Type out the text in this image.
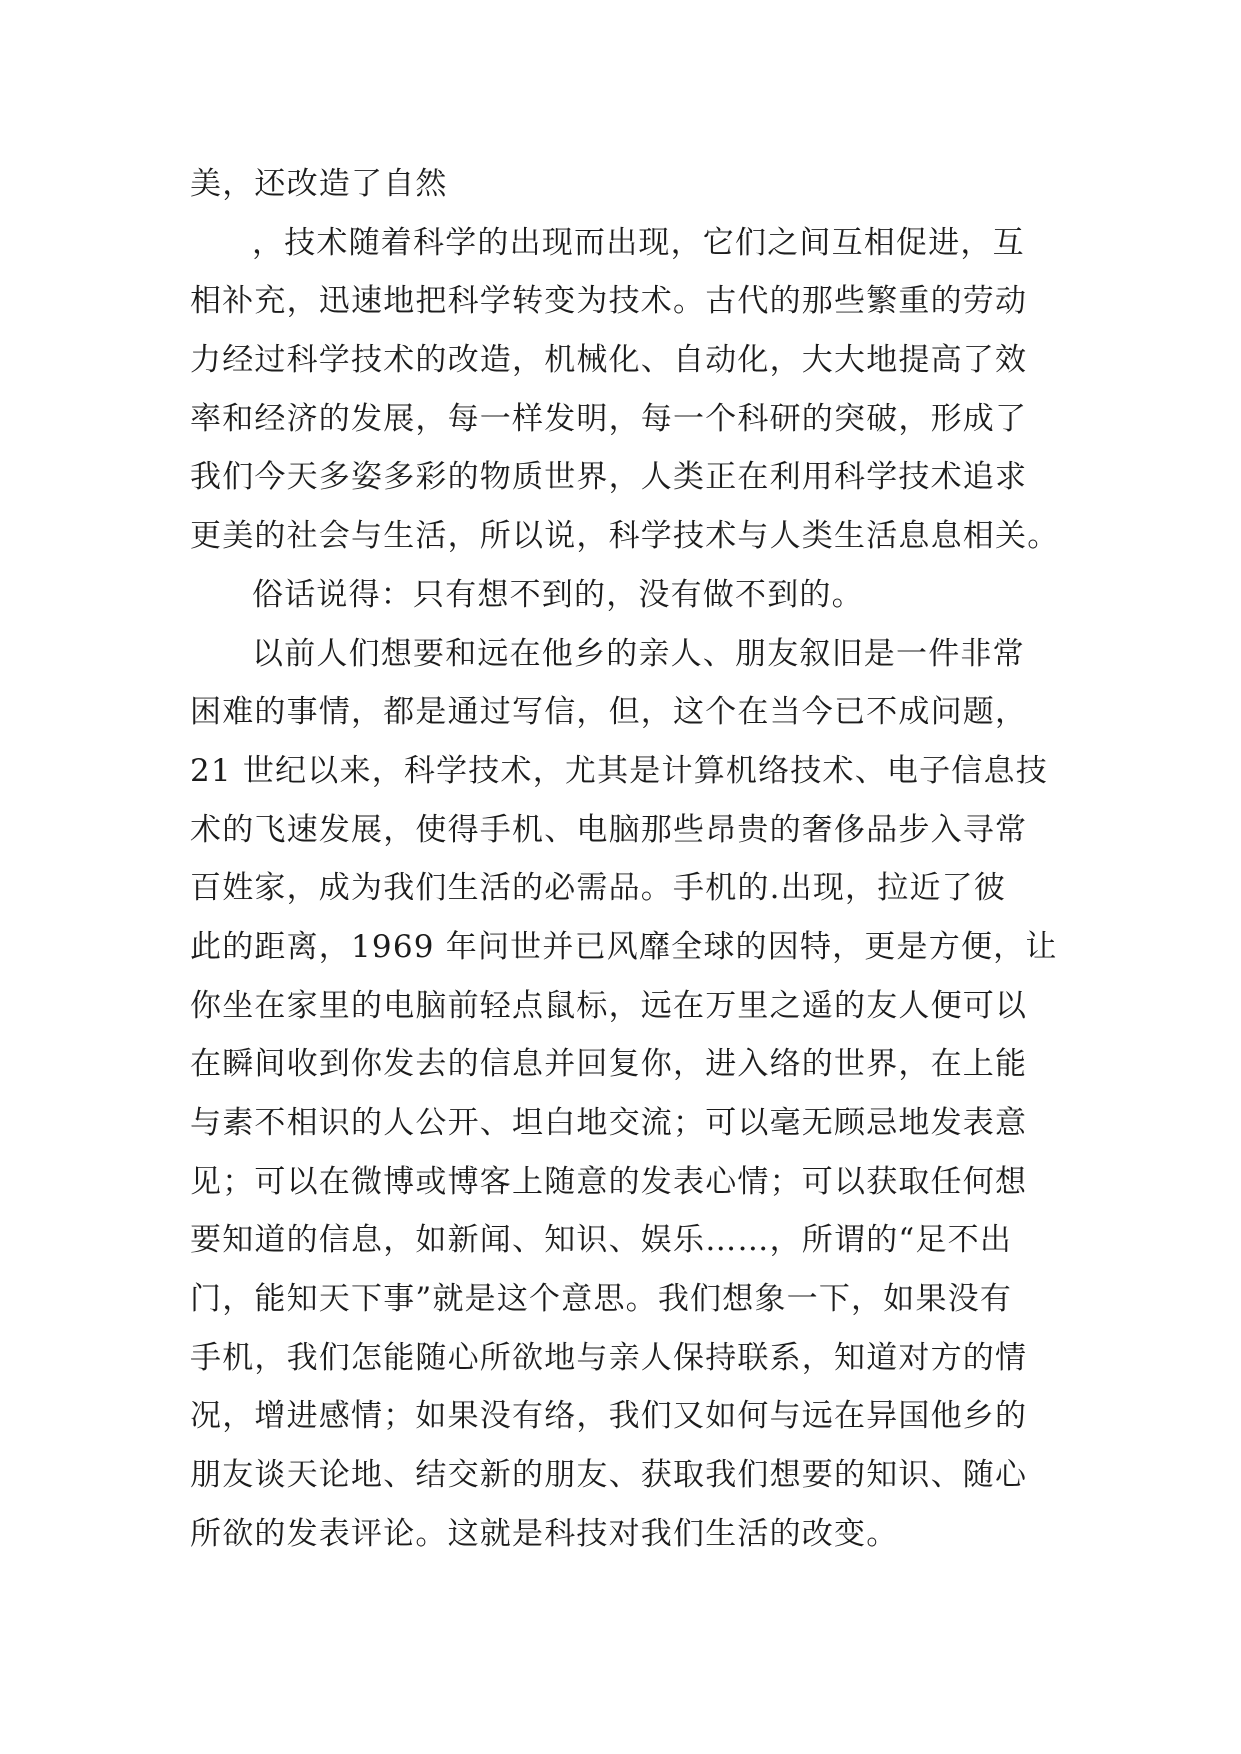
美，还改造了自然
，技术随着科学的出现而出现，它们之间互相促进，互
相补充，迅速地把科学转变为技术。古代的那些繁重的劳动
力经过科学技术的改造，机械化、自动化，大大地提高了效
率和经济的发展，每一样发明，每一个科研的突破，形成了
我们今天多姿多彩的物质世界，人类正在利用科学技术追求
更美的社会与生活，所以说，科学技术与人类生活息息相关。
俗话说得：只有想不到的，没有做不到的。
以前人们想要和远在他乡的亲人、朋友叙旧是一件非常
困难的事情，都是通过写信，但，这个在当今已不成问题，
21 世纪以来，科学技术，尤其是计算机络技术、电子信息技
术的飞速发展，使得手机、电脑那些昂贵的奢侈品步入寻常
百姓家，成为我们生活的必需品。手机的.出现，拉近了彼
此的距离，1969 年问世并已风靡全球的因特，更是方便，让
你坐在家里的电脑前轻点鼠标，远在万里之遥的友人便可以
在瞬间收到你发去的信息并回复你，进入络的世界，在上能
与素不相识的人公开、坦白地交流；可以毫无顾忌地发表意
见；可以在微博或博客上随意的发表心情；可以获取任何想
要知道的信息，如新闻、知识、娱乐……，所谓的“足不出
门，能知天下事”就是这个意思。我们想象一下，如果没有
手机，我们怎能随心所欲地与亲人保持联系，知道对方的情
况，增进感情；如果没有络，我们又如何与远在异国他乡的
朋友谈天论地、结交新的朋友、获取我们想要的知识、随心
所欲的发表评论。这就是科技对我们生活的改变。
